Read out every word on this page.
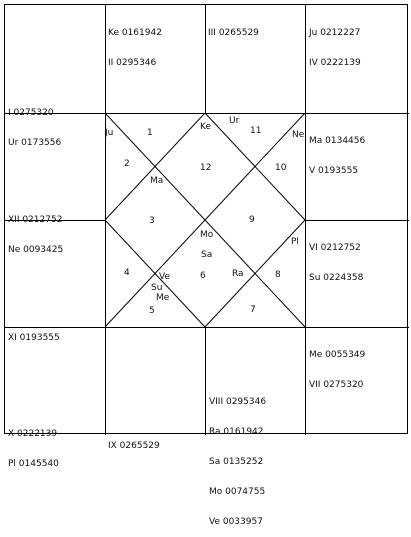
I 0275320

Ur 0173556

Ke 0161942

II 0295346

III 0265529

	Ju 0212227

IV 0222139

XII 0212752

Ne 0093425

Ma 0134456

V 0193555

XI 0193555

VI 0212752

Su 0224358

X 0222139

Pl 0145540

IX 0265529

VIII 0295346

Ra 0161942

Sa 0135252

Mo 0074755

Ve 0033957

Me 0055349

VII 0275320

1
2
3
4
5
6
7
8
9
10
11
12
Ju
Ke
Ur
Ne
Ma
Mo
Sa
Pl
Ve
Su
Me
Ra
